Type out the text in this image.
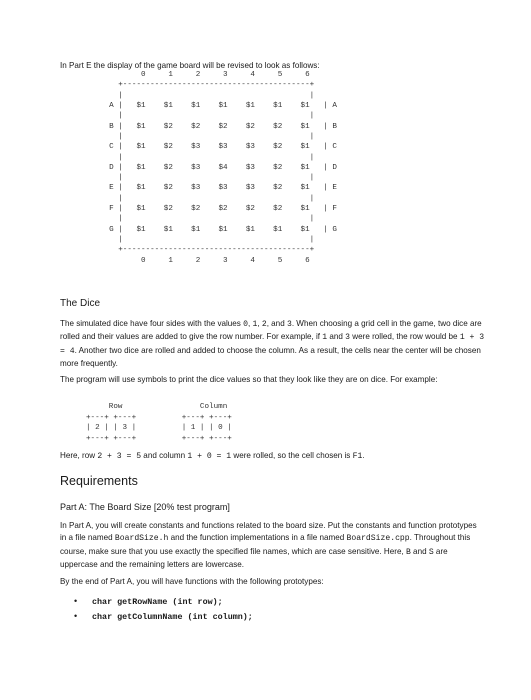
In Part E the display of the game board will be revised to look as follows:

0     1     2     3     4     5     6
+-----------------------------------------+
|                                         |
A |   $1    $1    $1    $1    $1    $1    $1   | A
|                                         |
B |   $1    $2    $2    $2    $2    $2    $1   | B
|                                         |
C |   $1    $2    $3    $3    $3    $2    $1   | C
|                                         |
D |   $1    $2    $3    $4    $3    $2    $1   | D
|                                         |
E |   $1    $2    $3    $3    $3    $2    $1   | E
|                                         |
F |   $1    $2    $2    $2    $2    $2    $1   | F
|                                         |
G |   $1    $1    $1    $1    $1    $1    $1   | G
|                                         |
+-----------------------------------------+
0     1     2     3     4     5     6
The Dice

The simulated dice have four sides with the values 0, 1, 2, and 3. When choosing a grid cell in the game, two dice are rolled and their values are added to give the row number. For example, if 1 and 3 were rolled, the row would be 1 + 3 = 4. Another two dice are rolled and added to choose the column. As a result, the cells near the center will be chosen more frequently.

The program will use symbols to print the dice values so that they look like they are on dice. For example:

Row                 Column
+---+ +---+          +---+ +---+
| 2 | | 3 |          | 1 | | 0 |
+---+ +---+          +---+ +---+

Here, row 2 + 3 = 5 and column 1 + 0 = 1 were rolled, so the cell chosen is F1.

Requirements
Part A: The Board Size [20% test program]

In Part A, you will create constants and functions related to the board size. Put the constants and function prototypes in a file named BoardSize.h and the function implementations in a file named BoardSize.cpp. Throughout this course, make sure that you use exactly the specified file names, which are case sensitive. Here, B and S are uppercase and the remaining letters are lowercase.

By the end of Part A, you will have functions with the following prototypes:

• char getRowName (int row);
• char getColumnName (int column);
